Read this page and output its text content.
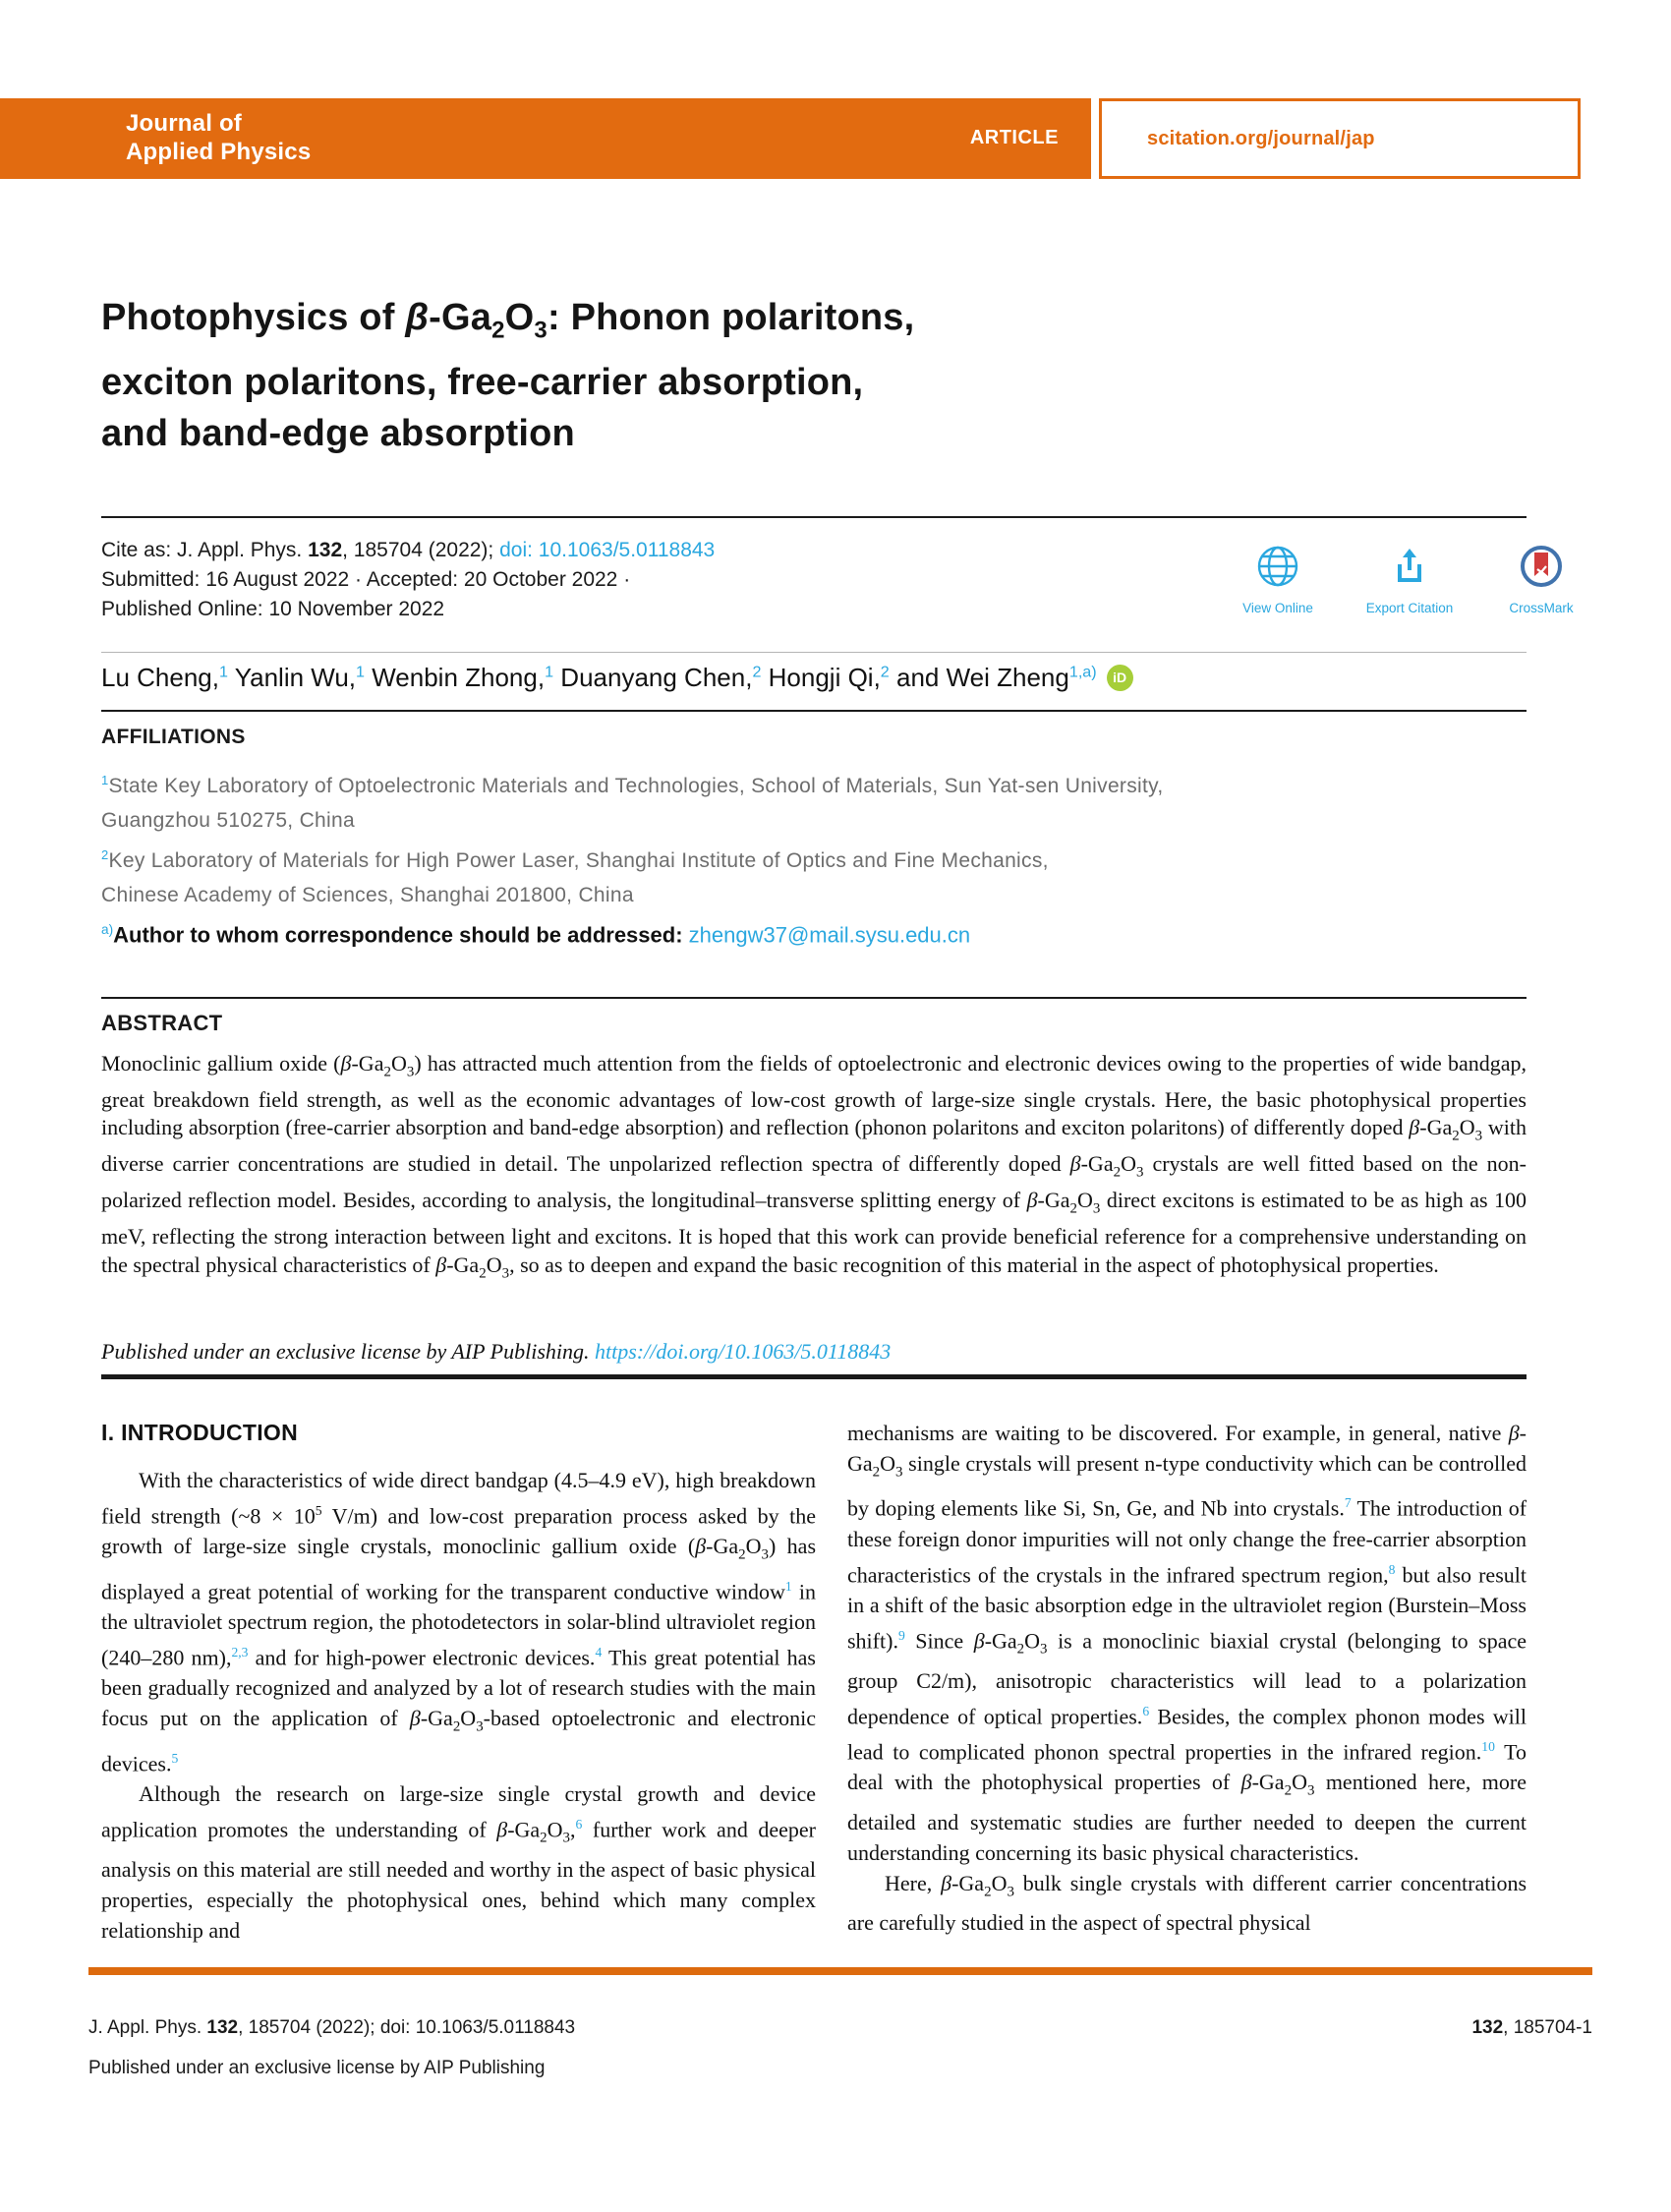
Journal of
Applied Physics
ARTICLE	scitation.org/journal/jap
Photophysics of $\beta-Ga_2O_3$: Phonon polaritons,
exciton polaritons, free-carrier absorption,
and band-edge absorption
Cite as: J. Appl. Phys. 132, 185704 (2022); doi: 10.1063/5.0118843
Submitted: 16 August 2022 · Accepted: 20 October 2022 ·
Published Online: 10 November 2022	View Online	Export Citation	CrossMark
Lu Cheng,$^1$ Yanlin Wu,$^1$ Wenbin Zhong,$^1$ Duanyang Chen,$^2$ Hongji Qi,$^2$ and Wei Zheng$^{1,a)}$	iD
AFFILIATIONS

$^1$State Key Laboratory of Optoelectronic Materials and Technologies, School of Materials, Sun Yat-sen University,
Guangzhou 510275, China

$^2$Key Laboratory of Materials for High Power Laser, Shanghai Institute of Optics and Fine Mechanics,
Chinese Academy of Sciences, Shanghai 201800, China

$^{a)}$Author to whom correspondence should be addressed: zhengw37@mail.sysu.edu.cn
ABSTRACT

Monoclinic gallium oxide $(\beta-Ga_2O_3)$ has attracted much attention from the fields of optoelectronic and electronic devices owing to the properties of wide bandgap, great breakdown field strength, as well as the economic advantages of low-cost growth of large-size single crystals. Here, the basic photophysical properties including absorption (free-carrier absorption and band-edge absorption) and reflection (phonon polaritons and exciton polaritons) of differently doped $\beta-Ga_2O_3$ with diverse carrier concentrations are studied in detail. The unpolarized reflection spectra of differently doped $\beta-Ga_2O_3$ crystals are well fitted based on the non-polarized reflection model. Besides, according to analysis, the longitudinal–transverse splitting energy of $\beta-Ga_2O_3$ direct excitons is estimated to be as high as 100 meV, reflecting the strong interaction between light and excitons. It is hoped that this work can provide beneficial reference for a comprehensive understanding on the spectral physical characteristics of $\beta-Ga_2O_3$, so as to deepen and expand the basic recognition of this material in the aspect of photophysical properties.

Published under an exclusive license by AIP Publishing. https://doi.org/10.1063/5.0118843
I. INTRODUCTION

With the characteristics of wide direct bandgap (4.5–4.9 eV), high breakdown field strength (~8 × $10^5$ V/m) and low-cost preparation process asked by the growth of large-size single crystals, monoclinic gallium oxide $(\beta-Ga_2O_3)$ has displayed a great potential of working for the transparent conductive window$^1$ in the ultraviolet spectrum region, the photodetectors in solar-blind ultraviolet region (240–280 nm),$^{2,3}$ and for high-power electronic devices.$^4$ This great potential has been gradually recognized and analyzed by a lot of research studies with the main focus put on the application of $\beta-Ga_2O_3$-based optoelectronic and electronic devices.$^5$

Although the research on large-size single crystal growth and device application promotes the understanding of $\beta-Ga_2O_3,^6$ further work and deeper analysis on this material are still needed and worthy in the aspect of basic physical properties, especially the photophysical ones, behind which many complex relationship and

mechanisms are waiting to be discovered. For example, in general, native $\beta-Ga_2O_3$ single crystals will present n-type conductivity which can be controlled by doping elements like Si, Sn, Ge, and Nb into crystals.$^7$ The introduction of these foreign donor impurities will not only change the free-carrier absorption characteristics of the crystals in the infrared spectrum region,$^8$ but also result in a shift of the basic absorption edge in the ultraviolet region (Burstein–Moss shift).$^9$ Since $\beta-Ga_2O_3$ is a monoclinic biaxial crystal (belonging to space group C2/m), anisotropic characteristics will lead to a polarization dependence of optical properties.$^6$ Besides, the complex phonon modes will lead to complicated phonon spectral properties in the infrared region.$^{10}$ To deal with the photophysical properties of $\beta-Ga_2O_3$ mentioned here, more detailed and systematic studies are further needed to deepen the current understanding concerning its basic physical characteristics.

Here, $\beta-Ga_2O_3$ bulk single crystals with different carrier concentrations are carefully studied in the aspect of spectral physical

J. Appl. Phys. 132, 185704 (2022); doi: 10.1063/5.0118843
Published under an exclusive license by AIP Publishing
132, 185704-1
